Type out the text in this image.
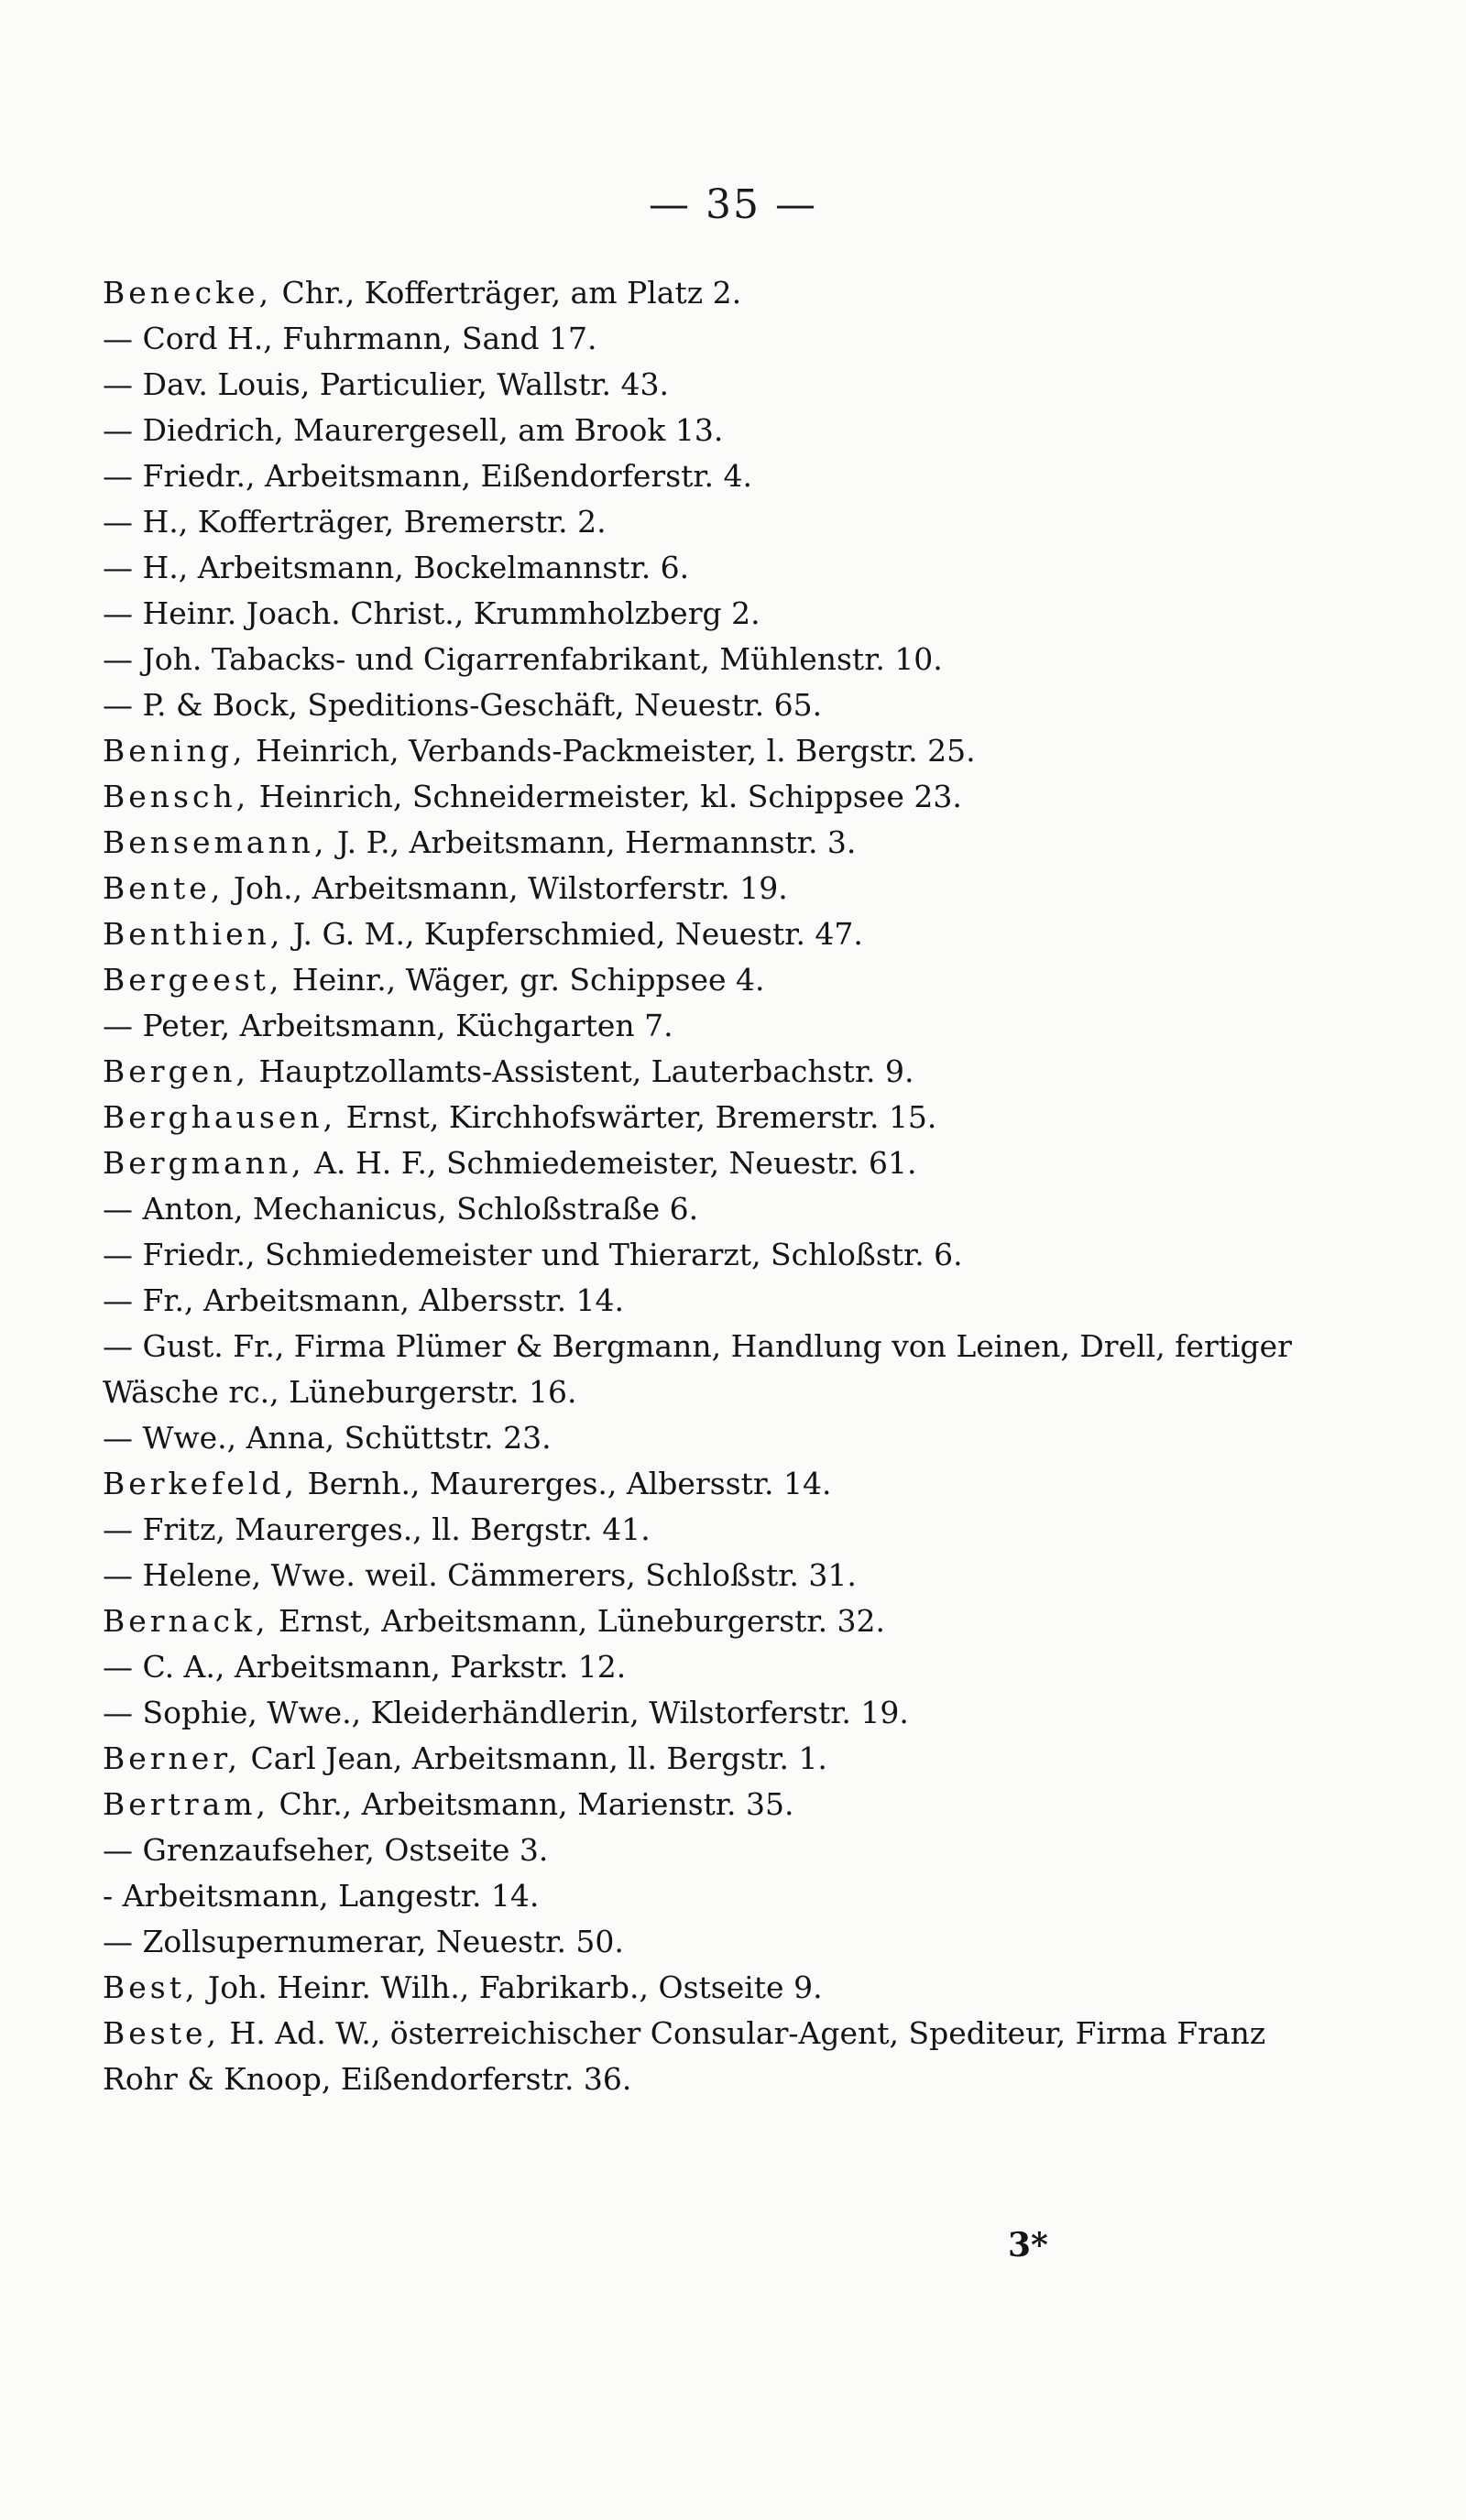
— 35 —
Benecke, Chr., Kofferträger, am Platz 2.
— Cord H., Fuhrmann, Sand 17.
— Dav. Louis, Particulier, Wallstr. 43.
— Diedrich, Maurergesell, am Brook 13.
— Friedr., Arbeitsmann, Eißendorferstr. 4.
— H., Kofferträger, Bremerstr. 2.
— H., Arbeitsmann, Bockelmannstr. 6.
— Heinr. Joach. Christ., Krummholzberg 2.
— Joh. Tabacks- und Cigarrenfabrikant, Mühlenstr. 10.
— P. & Bock, Speditions-Geschäft, Neuestr. 65.
Bening, Heinrich, Verbands-Packmeister, l. Bergstr. 25.
Bensch, Heinrich, Schneidermeister, kl. Schippsee 23.
Bensemann, J. P., Arbeitsmann, Hermannstr. 3.
Bente, Joh., Arbeitsmann, Wilstorferstr. 19.
Benthien, J. G. M., Kupferschmied, Neuestr. 47.
Bergeest, Heinr., Wäger, gr. Schippsee 4.
— Peter, Arbeitsmann, Küchgarten 7.
Bergen, Hauptzollamts-Assistent, Lauterbachstr. 9.
Berghausen, Ernst, Kirchhofswärter, Bremerstr. 15.
Bergmann, A. H. F., Schmiedemeister, Neuestr. 61.
— Anton, Mechanicus, Schloßstraße 6.
— Friedr., Schmiedemeister und Thierarzt, Schloßstr. 6.
— Fr., Arbeitsmann, Albersstr. 14.
— Gust. Fr., Firma Plümer & Bergmann, Handlung von Leinen, Drell, fertiger Wäsche rc., Lüneburgerstr. 16.
— Wwe., Anna, Schüttstr. 23.
Berkefeld, Bernh., Maurerges., Albersstr. 14.
— Fritz, Maurerges., ll. Bergstr. 41.
— Helene, Wwe. weil. Cämmerers, Schloßstr. 31.
Bernack, Ernst, Arbeitsmann, Lüneburgerstr. 32.
— C. A., Arbeitsmann, Parkstr. 12.
— Sophie, Wwe., Kleiderhändlerin, Wilstorferstr. 19.
Berner, Carl Jean, Arbeitsmann, ll. Bergstr. 1.
Bertram, Chr., Arbeitsmann, Marienstr. 35.
— Grenzaufseher, Ostseite 3.
- Arbeitsmann, Langestr. 14.
— Zollsupernumerar, Neuestr. 50.
Best, Joh. Heinr. Wilh., Fabrikarb., Ostseite 9.
Beste, H. Ad. W., österreichischer Consular-Agent, Spediteur, Firma Franz Rohr & Knoop, Eißendorferstr. 36.
3*
